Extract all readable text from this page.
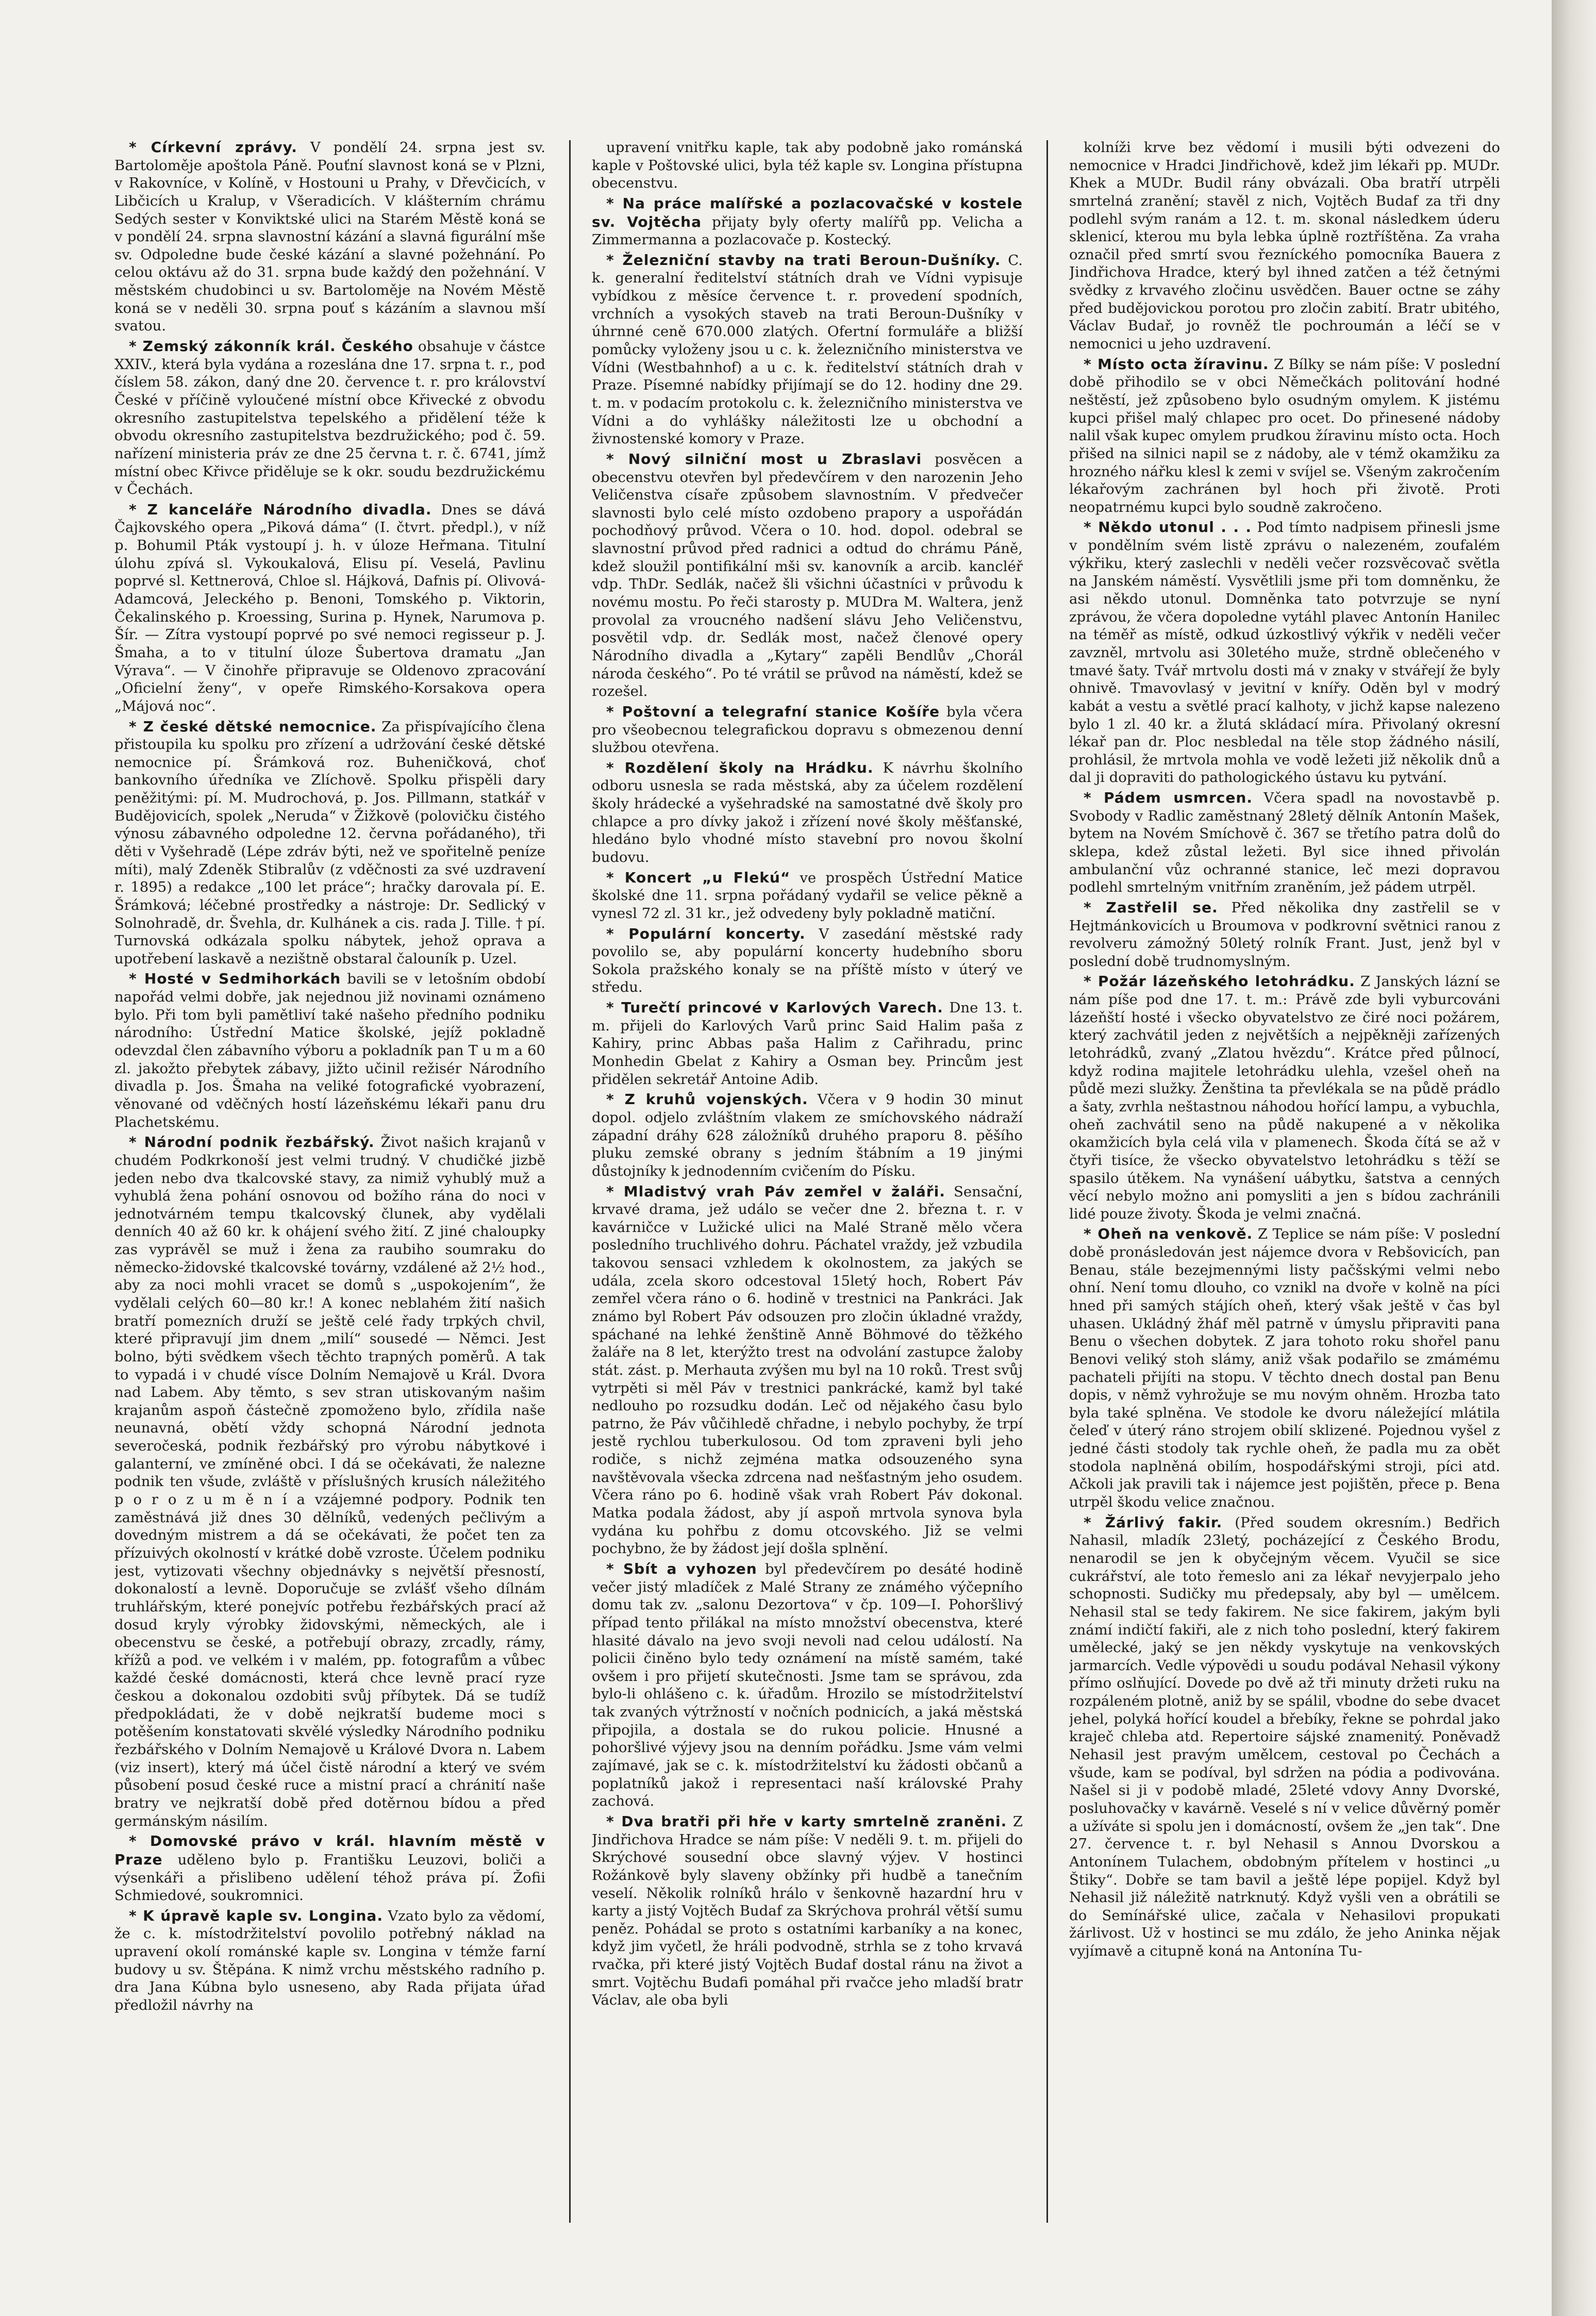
* Církevní zprávy. V pondělí 24. srpna jest sv. Bartoloměje apoštola Páně. Pouťní slavnost koná se v Plzni, v Rakovníce, v Kolíně, v Hostouni u Prahy, v Dřevčicích, v Libčicích u Kralup, v Všeradicích. V klášterním chrámu Sedých sester v Konviktské ulici na Starém Městě koná se v pondělí 24. srpna slavnostní kázání a slavná figurální mše sv. Odpoledne bude české kázání a slavné požehnání. Po celou oktávu až do 31. srpna bude každý den požehnání. V městském chudobinci u sv. Bartoloměje na Novém Městě koná se v neděli 30. srpna pouť s kázáním a slavnou mší svatou.

* Zemský zákonník král. Českého obsahuje v částce XXIV., která byla vydána a rozeslána dne 17. srpna t. r., pod číslem 58. zákon, daný dne 20. července t. r. pro království České v příčině vyloučené místní obce Křivecké z obvodu okresního zastupitelstva tepelského a přidělení téže k obvodu okresního zastupitelstva bezdružického; pod č. 59. nařízení ministeria práv ze dne 25 června t. r. č. 6741, jímž místní obec Křivce přiděluje se k okr. soudu bezdružickému v Čechách.

* Z kanceláře Národního divadla. Dnes se dává Čajkovského opera „Piková dáma“ (I. čtvrt. předpl.), v níž p. Bohumil Pták vystoupí j. h. v úloze Heřmana. Titulní úlohu zpívá sl. Vykoukalová, Elisu pí. Veselá, Pavlinu poprvé sl. Kettnerová, Chloe sl. Hájková, Dafnis pí. Olivová-Adamcová, Jeleckého p. Benoni, Tomského p. Viktorin, Čekalinského p. Kroessing, Surina p. Hynek, Narumova p. Šír. — Zítra vystoupí poprvé po své nemoci regisseur p. J. Šmaha, a to v titulní úloze Šubertova dramatu „Jan Výrava“. — V činohře připravuje se Oldenovo zpracování „Oficielní ženy“, v opeře Rimského-Korsakova opera „Májová noc“.

* Z české dětské nemocnice. Za přispívajícího člena přistoupila ku spolku pro zřízení a udržování české dětské nemocnice pí. Šrámková roz. Buheničková, choť bankovního úředníka ve Zlíchově. Spolku přispěli dary peněžitými: pí. M. Mudrochová, p. Jos. Pillmann, statkář v Budějovicích, spolek „Neruda“ v Žižkově (polovičku čistého výnosu zábavného odpoledne 12. června pořádaného), tři děti v Vyšehradě (Lépe zdráv býti, než ve spořitelně peníze míti), malý Zdeněk Stibralův (z vděčnosti za své uzdravení r. 1895) a redakce „100 let práce“; hračky darovala pí. E. Šrámková; léčebné prostředky a nástroje: Dr. Sedlický v Solnohradě, dr. Švehla, dr. Kulhánek a cis. rada J. Tille. † pí. Turnovská odkázala spolku nábytek, jehož oprava a upotřebení laskavě a nezištně obstaral čalouník p. Uzel.

* Hosté v Sedmihorkách bavili se v letošním období napořád velmi dobře, jak nejednou již novinami oznámeno bylo. Při tom byli pamětliví také našeho předního podniku národního: Ústřední Matice školské, jejíž pokladně odevzdal člen zábavního výboru a pokladník pan T u m a 60 zl. jakožto přebytek zábavy, jižto učinil režisér Národního divadla p. Jos. Šmaha na veliké fotografické vyobrazení, věnované od vděčných hostí lázeňskému lékaři panu dru Plachetskému.

* Národní podnik řezbářský. Život našich krajanů v chudém Podkrkonoší jest velmi trudný. V chudičké jizbě jeden nebo dva tkalcovské stavy, za nimiž vyhublý muž a vyhublá žena pohání osnovou od božího rána do noci v jednotvárném tempu tkalcovský člunek, aby vydělali denních 40 až 60 kr. k ohájení svého žití. Z jiné chaloupky zas vyprávěl se muž i žena za raubiho soumraku do německo-židovské tkalcovské továrny, vzdálené až 2½ hod., aby za noci mohli vracet se domů s „uspokojením“, že vydělali celých 60—80 kr.! A konec neblahém žití našich bratří pomezních druží se ještě celé řady trpkých chvil, které připravují jim dnem „milí“ sousedé — Němci. Jest bolno, býti svědkem všech těchto trapných poměrů. A tak to vypadá i v chudé vísce Dolním Nemajově u Král. Dvora nad Labem. Aby těmto, s sev stran utiskovaným našim krajanům aspoň částečně zpomoženo bylo, zřídila naše neunavná, obětí vždy schopná Národní jednota severočeská, podnik řezbářský pro výrobu nábytkové i galanterní, ve zmíněné obci. I dá se očekávati, že nalezne podnik ten všude, zvláště v příslušných krusích náležitého p o r o z u m ě n í a vzájemné podpory. Podnik ten zaměstnává již dnes 30 dělníků, vedených pečlivým a dovedným mistrem a dá se očekávati, že počet ten za přízuivých okolností v krátké době vzroste. Účelem podniku jest, vytizovati všechny objednávky s největší přesností, dokonalostí a levně. Doporučuje se zvlášť všeho dílnám truhlářským, které ponejvíc potřebu řezbářských prací až dosud kryly výrobky židovskými, německých, ale i obecenstvu se české, a potřebují obrazy, zrcadly, rámy, křížů a pod. ve velkém i v malém, pp. fotografům a vůbec každé české domácnosti, která chce levně prací ryze českou a dokonalou ozdobiti svůj příbytek. Dá se tudíž předpokládati, že v době nejkratší budeme moci s potěšením konstatovati skvělé výsledky Národního podniku řezbářského v Dolním Nemajově u Králové Dvora n. Labem (viz insert), který má účel čistě národní a který ve svém působení posud české ruce a mistní prací a chránití naše bratry ve nejkratší době před dotěrnou bídou a před germánským násilím.

* Domovské právo v král. hlavním městě v Praze uděleno bylo p. Františku Leuzovi, boliči a výsenkáři a přislibeno udělení téhož práva pí. Žofii Schmiedové, soukromnici.

* K úpravě kaple sv. Longina. Vzato bylo za vědomí, že c. k. místodržitelství povolilo potřebný náklad na upravení okolí románské kaple sv. Longina v témže farní budovy u sv. Štěpána. K nimž vrchu městského radního p. dra Jana Kúbna bylo usneseno, aby Rada přijata úřad předložil návrhy na

upravení vnitřku kaple, tak aby podobně jako románská kaple v Poštovské ulici, byla též kaple sv. Longina přístupna obecenstvu.

* Na práce malířské a pozlacovačské v kostele sv. Vojtěcha přijaty byly oferty malířů pp. Velicha a Zimmermanna a pozlacovače p. Kostecký.

* Železniční stavby na trati Beroun-Dušníky. C. k. generalní ředitelství státních drah ve Vídni vypisuje vybídkou z měsíce července t. r. provedení spodních, vrchních a vysokých staveb na trati Beroun-Dušníky v úhrnné ceně 670.000 zlatých. Ofertní formuláře a bližší pomůcky vyloženy jsou u c. k. železničního ministerstva ve Vídni (Westbahnhof) a u c. k. ředitelství státních drah v Praze. Písemné nabídky přijímají se do 12. hodiny dne 29. t. m. v podacím protokolu c. k. železničního ministerstva ve Vídni a do vyhlášky náležitosti lze u obchodní a živnostenské komory v Praze.

* Nový silniční most u Zbraslavi posvěcen a obecenstvu otevřen byl předevčírem v den narozenin Jeho Veličenstva císaře způsobem slavnostním. V předvečer slavnosti bylo celé místo ozdobeno prapory a uspořádán pochodňový průvod. Včera o 10. hod. dopol. odebral se slavnostní průvod před radnici a odtud do chrámu Páně, kdež sloužil pontifikální mši sv. kanovník a arcib. kancléř vdp. ThDr. Sedlák, načež šli všichni účastníci v průvodu k novému mostu. Po řeči starosty p. MUDra M. Waltera, jenž provolal za vroucného nadšení slávu Jeho Veličenstvu, posvětil vdp. dr. Sedlák most, načež členové opery Národního divadla a „Kytary“ zapěli Bendlův „Chorál národa českého“. Po té vrátil se průvod na náměstí, kdež se rozešel.

* Poštovní a telegrafní stanice Košíře byla včera pro všeobecnou telegrafickou dopravu s obmezenou denní službou otevřena.

* Rozdělení školy na Hrádku. K návrhu školního odboru usnesla se rada městská, aby za účelem rozdělení školy hrádecké a vyšehradské na samostatné dvě školy pro chlapce a pro dívky jakož i zřízení nové školy měšťanské, hledáno bylo vhodné místo stavební pro novou školní budovu.

* Koncert „u Flekú“ ve prospěch Ústřední Matice školské dne 11. srpna pořádaný vydařil se velice pěkně a vynesl 72 zl. 31 kr., jež odvedeny byly pokladně matiční.

* Populární koncerty. V zasedání městské rady povolilo se, aby populární koncerty hudebního sboru Sokola pražského konaly se na příště místo v úterý ve středu.

* Turečtí princové v Karlových Varech. Dne 13. t. m. přijeli do Karlových Varů princ Said Halim paša z Kahiry, princ Abbas paša Halim z Cařihradu, princ Monhedin Gbelat z Kahiry a Osman bey. Princům jest přidělen sekretář Antoine Adib.

* Z kruhů vojenských. Včera v 9 hodin 30 minut dopol. odjelo zvláštním vlakem ze smíchovského nádraží západní dráhy 628 záložníků druhého praporu 8. pěšího pluku zemské obrany s jedním štábním a 19 jinými důstojníky k jednodenním cvičením do Písku.

* Mladistvý vrah Páv zemřel v žaláři. Sensační, krvavé drama, jež událo se večer dne 2. března t. r. v kavárničce v Lužické ulici na Malé Straně mělo včera posledního truchlivého dohru. Páchatel vraždy, jež vzbudila takovou sensaci vzhledem k okolnostem, za jakých se udála, zcela skoro odcestoval 15letý hoch, Robert Páv zemřel včera ráno o 6. hodině v trestnici na Pankráci. Jak známo byl Robert Páv odsouzen pro zločin úkladné vraždy, spáchané na lehké ženštině Anně Böhmové do těžkého žaláře na 8 let, kterýžto trest na odvolání zastupce žaloby stát. zást. p. Merhauta zvýšen mu byl na 10 roků. Trest svůj vytrpěti si měl Páv v trestnici pankrácké, kamž byl také nedlouho po rozsudku dodán. Leč od nějakého času bylo patrno, že Páv vůčihledě chřadne, i nebylo pochyby, že trpí jestě rychlou tuberkulosou. Od tom zpraveni byli jeho rodiče, s nichž zejména matka odsouzeného syna navštěvovala všecka zdrcena nad nešťastným jeho osudem. Včera ráno po 6. hodině však vrah Robert Páv dokonal. Matka podala žádost, aby jí aspoň mrtvola synova byla vydána ku pohřbu z domu otcovského. Již se velmi pochybno, že by žádost její došla splnění.

* Sbít a vyhozen byl předevčírem po desáté hodině večer jistý mladíček z Malé Strany ze známého výčepního domu tak zv. „salonu Dezortova“ v čp. 109—I. Pohoršlivý případ tento přilákal na místo množství obecenstva, které hlasité dávalo na jevo svoji nevoli nad celou událostí. Na policii činěno bylo tedy oznámení na místě samém, také ovšem i pro přijetí skutečnosti. Jsme tam se správou, zda bylo-li ohlášeno c. k. úřadům. Hrozilo se místodržitelství tak zvaných výtržností v nočních podnicích, a jaká městská připojila, a dostala se do rukou policie. Hnusné a pohoršlivé výjevy jsou na denním pořádku. Jsme vám velmi zajímavé, jak se c. k. místodržitelství ku žádosti občanů a poplatníků jakož i representaci naší královské Prahy zachová.

* Dva bratři při hře v karty smrtelně zraněni. Z Jindřichova Hradce se nám píše: V neděli 9. t. m. přijeli do Skrýchové sousední obce slavný výjev. V hostinci Rožánkově byly slaveny obžínky při hudbě a tanečním veselí. Několik rolníků hrálo v šenkovně hazardní hru v karty a jistý Vojtěch Budaf za Skrýchova prohrál větší sumu peněz. Pohádal se proto s ostatními karbaníky a na konec, když jim vyčetl, že hráli podvodně, strhla se z toho krvavá rvačka, při které jistý Vojtěch Budaf dostal ránu na život a smrt. Vojtěchu Budafi pomáhal při rvačce jeho mladší bratr Václav, ale oba byli

kolníži krve bez vědomí i musili býti odvezeni do nemocnice v Hradci Jindřichově, kdež jim lékaři pp. MUDr. Khek a MUDr. Budil rány obvázali. Oba bratří utrpěli smrtelná zranění; stavěl z nich, Vojtěch Budaf za tři dny podlehl svým ranám a 12. t. m. skonal následkem úderu sklenicí, kterou mu byla lebka úplně roztříštěna. Za vraha označil před smrtí svou řezníckého pomocníka Bauera z Jindřichova Hradce, který byl ihned zatčen a též četnými svědky z krvavého zločinu usvědčen. Bauer octne se záhy před budějovickou porotou pro zločin zabití. Bratr ubitého, Václav Budař, jo rovněž tle pochroumán a léčí se v nemocnici u jeho uzdravení.

* Místo octa žíravinu. Z Bílky se nám píše: V poslední době přihodilo se v obci Němečkách politování hodné neštěstí, jež způsobeno bylo osudným omylem. K jistému kupci přišel malý chlapec pro ocet. Do přinesené nádoby nalil však kupec omylem prudkou žíravinu místo octa. Hoch přišed na silnici napil se z nádoby, ale v témž okamžiku za hrozného nářku klesl k zemi v svíjel se. Všeným zakročením lékařovým zachránen byl hoch při životě. Proti neopatrnému kupci bylo soudně zakročeno.

* Někdo utonul . . . Pod tímto nadpisem přinesli jsme v pondělním svém listě zprávu o nalezeném, zoufalém výkřiku, který zaslechli v neděli večer rozsvěcovač světla na Janském náměstí. Vysvětlili jsme při tom domněnku, že asi někdo utonul. Domněnka tato potvrzuje se nyní zprávou, že včera dopoledne vytáhl plavec Antonín Hanilec na téměř as místě, odkud úzkostlivý výkřik v neděli večer zavzněl, mrtvolu asi 30letého muže, strdně oblečeného v tmavé šaty. Tvář mrtvolu dosti má v znaky v stvářejí že byly ohnivě. Tmavovlasý v jevitní v knířy. Oděn byl v modrý kabát a vestu a světlé prací kalhoty, v jichž kapse nalezeno bylo 1 zl. 40 kr. a žlutá skládací míra. Přivolaný okresní lékař pan dr. Ploc nesbledal na těle stop žádného násilí, prohlásil, že mrtvola mohla ve vodě ležeti již několik dnů a dal ji dopraviti do pathologického ústavu ku pytvání.

* Pádem usmrcen. Včera spadl na novostavbě p. Svobody v Radlic zaměstnaný 28letý dělník Antonín Mašek, bytem na Novém Smíchově č. 367 se třetího patra dolů do sklepa, kdež zůstal ležeti. Byl sice ihned přivolán ambulanční vůz ochranné stanice, leč mezi dopravou podlehl smrtelným vnitřním zraněním, jež pádem utrpěl.

* Zastřelil se. Před několika dny zastřelil se v Hejtmánkovicích u Broumova v podkrovní světnici ranou z revolveru zámožný 50letý rolník Frant. Just, jenž byl v poslední době trudnomyslným.

* Požár lázeňského letohrádku. Z Janských lázní se nám píše pod dne 17. t. m.: Právě zde byli vyburcováni lázeňští hosté i všecko obyvatelstvo ze čiré noci požárem, který zachvátil jeden z největších a nejpěkněji zařízených letohrádků, zvaný „Zlatou hvězdu“. Krátce před půlnocí, když rodina majitele letohrádku ulehla, vzešel oheň na půdě mezi služky. Ženština ta převlékala se na půdě prádlo a šaty, zvrhla neštastnou náhodou hořící lampu, a vybuchla, oheň zachvátil seno na půdě nakupené a v několika okamžicích byla celá vila v plamenech. Škoda čítá se až v čtyři tisíce, že všecko obyvatelstvo letohrádku s těží se spasilo útěkem. Na vynášení uábytku, šatstva a cenných věcí nebylo možno ani pomysliti a jen s bídou zachránili lidé pouze životy. Škoda je velmi značná.

* Oheň na venkově. Z Teplice se nám píše: V poslední době pronásledován jest nájemce dvora v Rebšovicích, pan Benau, stále bezejmennými listy pačšskými velmi nebo ohní. Není tomu dlouho, co vznikl na dvoře v kolně na píci hned při samých stájích oheň, který však ještě v čas byl uhasen. Ukládný žháf měl patrně v úmyslu připraviti pana Benu o všechen dobytek. Z jara tohoto roku shořel panu Benovi veliký stoh slámy, aniž však podařilo se zmámému pachateli přijíti na stopu. V těchto dnech dostal pan Benu dopis, v němž vyhrožuje se mu novým ohněm. Hrozba tato byla také splněna. Ve stodole ke dvoru náležející mlátila čeleď v úterý ráno strojem obilí sklizené. Pojednou vyšel z jedné části stodoly tak rychle oheň, že padla mu za obět stodola naplněná obilím, hospodářskými stroji, píci atd. Ačkoli jak pravili tak i nájemce jest pojištěn, přece p. Bena utrpěl škodu velice značnou.

* Žárlivý fakir. (Před soudem okresním.) Bedřich Nahasil, mladík 23letý, pocházející z Českého Brodu, nenarodil se jen k obyčejným věcem. Vyučil se sice cukrářství, ale toto řemeslo ani za lékař nevyjerpalo jeho schopnosti. Sudičky mu předepsaly, aby byl — umělcem. Nehasil stal se tedy fakirem. Ne sice fakirem, jakým byli známí indičtí fakiři, ale z nich toho poslední, který fakirem umělecké, jaký se jen někdy vyskytuje na venkovských jarmarcích. Vedle výpovědi u soudu podával Nehasil výkony přímo oslňující. Dovede po dvě až tři minuty držeti ruku na rozpáleném plotně, aniž by se spálil, vbodne do sebe dvacet jehel, polyká hořící koudel a břebíky, řekne se pohrdal jako kraječ chleba atd. Repertoire sájské znamenitý. Poněvadž Nehasil jest pravým umělcem, cestoval po Čechách a všude, kam se podíval, byl sdržen na pódia a podivována. Našel si ji v podobě mladé, 25leté vdovy Anny Dvorské, posluhovačky v kavárně. Veselé s ní v velice důvěrný poměr a užíváte si spolu jen i domácností, ovšem že „jen tak“. Dne 27. července t. r. byl Nehasil s Annou Dvorskou a Antonínem Tulachem, obdobným přítelem v hostinci „u Štiky“. Dobře se tam bavil a ještě lépe popijel. Když byl Nehasil již náležitě natrknutý. Když vyšli ven a obrátili se do Semínářské ulice, začala v Nehasilovi propukati žárlivost. Už v hostinci se mu zdálo, že jeho Aninka nějak vyjímavě a citupně koná na Antonína Tu-
